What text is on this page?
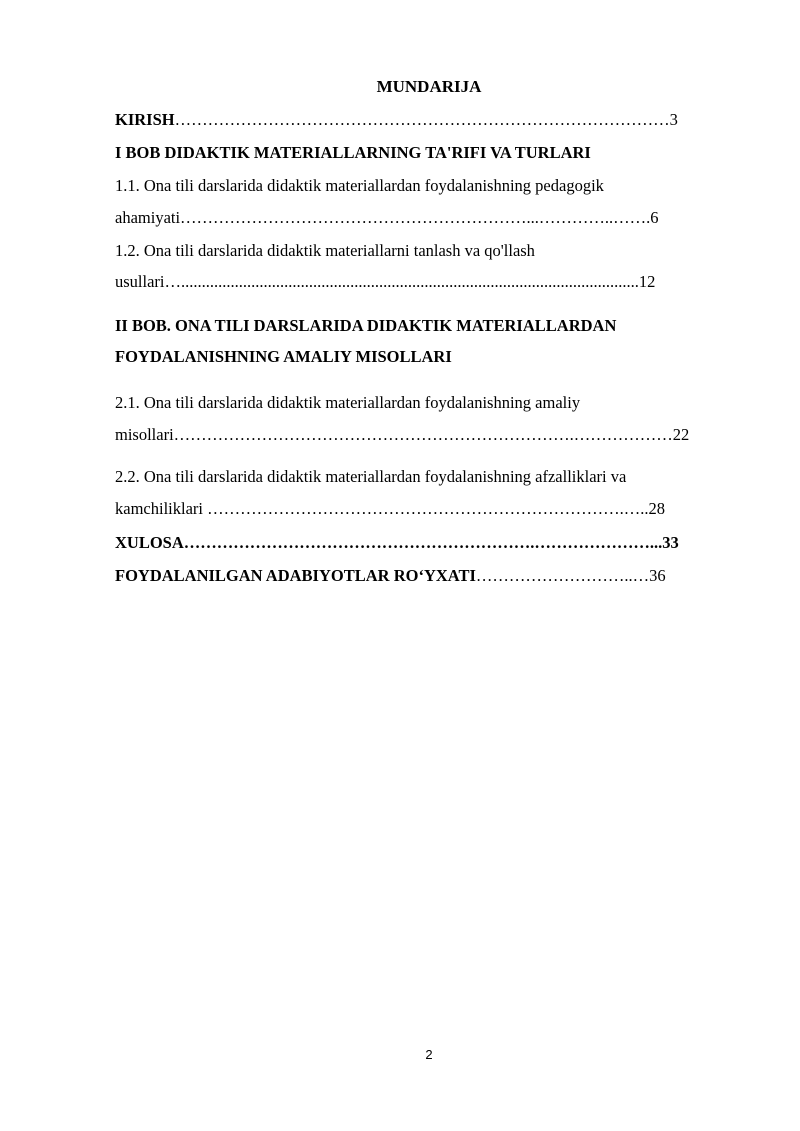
MUNDARIJA
KIRISH………………………………………………………………………………3
I BOB DIDAKTIK MATERIALLARNING TA'RIFI VA TURLARI
1.1. Ona tili darslarida didaktik materiallardan foydalanishning pedagogik
ahamiyati………………………………………………………...…………..…….6
1.2. Ona tili darslarida didaktik materiallarni tanlash va qo'llash
usullari…...............................................................................................................12
II BOB. ONA TILI DARSLARIDA DIDAKTIK MATERIALLARDAN
FOYDALANISHNING AMALIY MISOLLARI
2.1. Ona tili darslarida didaktik materiallardan foydalanishning amaliy
misollari……………………………………………………………….………………22
2.2. Ona tili darslarida didaktik materiallardan foydalanishning afzalliklari va
kamchiliklari ………………………………………………………………….…..28
XULOSA……………………………………………………….…………………...33
FOYDALANILGAN ADABIYOTLAR RO‘YXATI………………………..…36
2
